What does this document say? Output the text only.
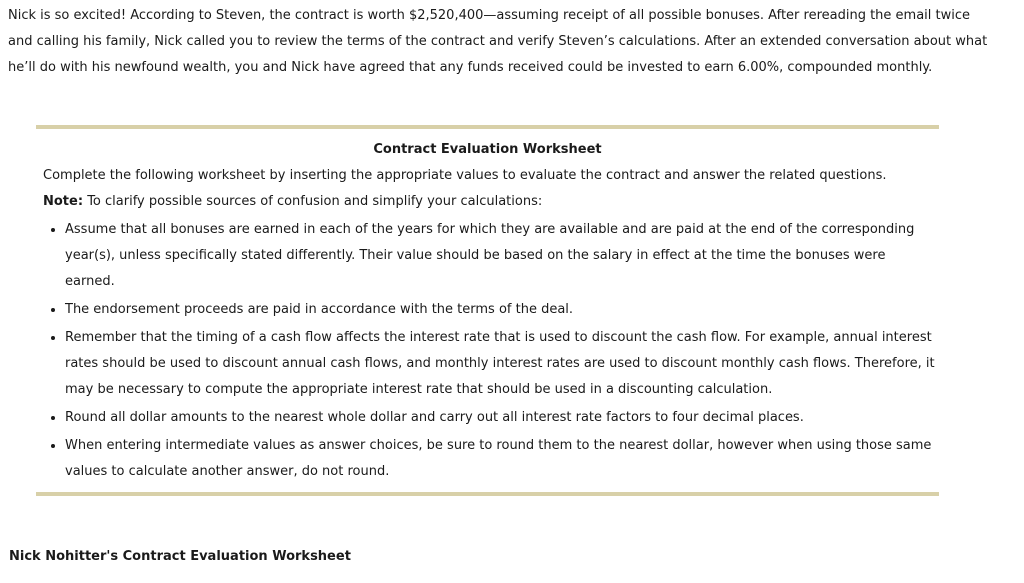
Nick is so excited! According to Steven, the contract is worth $2,520,400—assuming receipt of all possible bonuses. After rereading the email twice and calling his family, Nick called you to review the terms of the contract and verify Steven’s calculations. After an extended conversation about what he’ll do with his newfound wealth, you and Nick have agreed that any funds received could be invested to earn 6.00%, compounded monthly.

Contract Evaluation Worksheet

Complete the following worksheet by inserting the appropriate values to evaluate the contract and answer the related questions.

Note: To clarify possible sources of confusion and simplify your calculations:

• Assume that all bonuses are earned in each of the years for which they are available and are paid at the end of the corresponding year(s), unless specifically stated differently. Their value should be based on the salary in effect at the time the bonuses were earned.
• The endorsement proceeds are paid in accordance with the terms of the deal.
• Remember that the timing of a cash flow affects the interest rate that is used to discount the cash flow. For example, annual interest rates should be used to discount annual cash flows, and monthly interest rates are used to discount monthly cash flows. Therefore, it may be necessary to compute the appropriate interest rate that should be used in a discounting calculation.
• Round all dollar amounts to the nearest whole dollar and carry out all interest rate factors to four decimal places.
• When entering intermediate values as answer choices, be sure to round them to the nearest dollar, however when using those same values to calculate another answer, do not round.
Nick Nohitter's Contract Evaluation Worksheet
